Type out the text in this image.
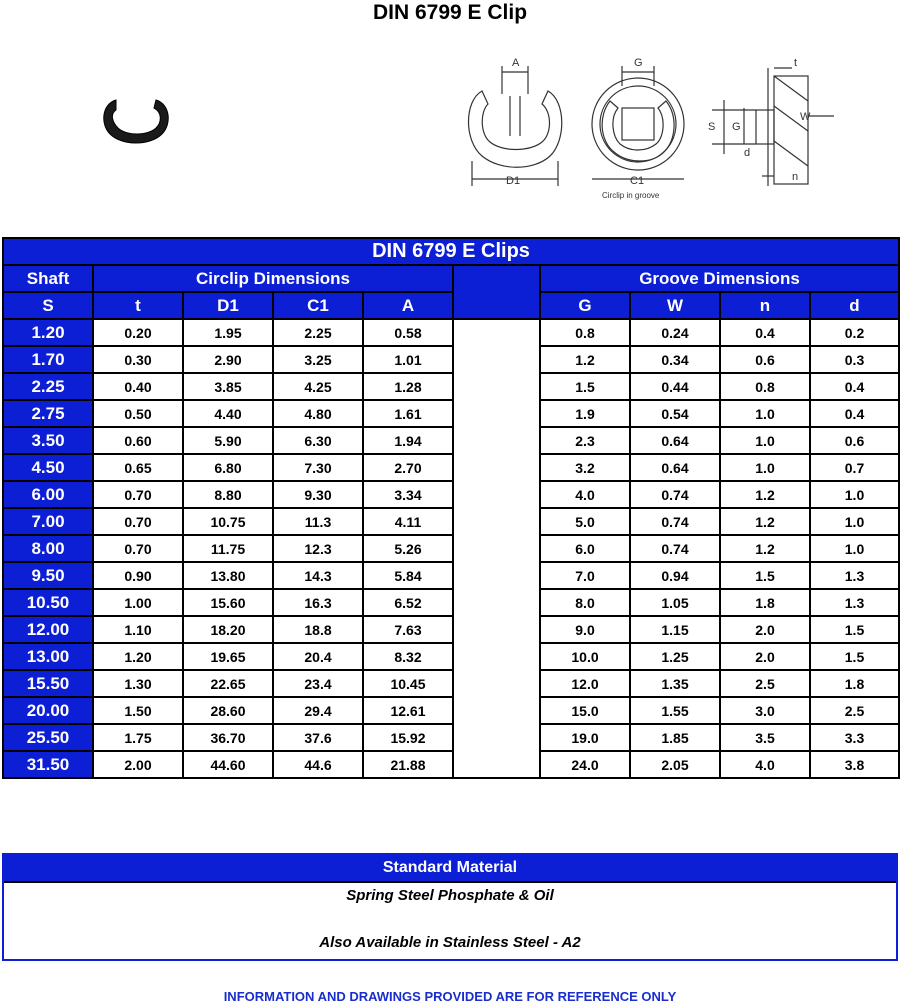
DIN 6799 E Clip
A	G	t
S G
W
d
n
D1	C1
Circlip in groove
DIN 6799 E Clips									
Shaft	Circlip Dimensions					Groove Dimensions			
S	t	D1	C1	A		G	W	n	d
1.20	0.20	1.95	2.25	0.58		0.8	0.24	0.4	0.2
1.70	0.30	2.90	3.25	1.01		1.2	0.34	0.6	0.3
2.25	0.40	3.85	4.25	1.28		1.5	0.44	0.8	0.4
2.75	0.50	4.40	4.80	1.61		1.9	0.54	1.0	0.4
3.50	0.60	5.90	6.30	1.94		2.3	0.64	1.0	0.6
4.50	0.65	6.80	7.30	2.70		3.2	0.64	1.0	0.7
6.00	0.70	8.80	9.30	3.34		4.0	0.74	1.2	1.0
7.00	0.70	10.75	11.3	4.11		5.0	0.74	1.2	1.0
8.00	0.70	11.75	12.3	5.26		6.0	0.74	1.2	1.0
9.50	0.90	13.80	14.3	5.84		7.0	0.94	1.5	1.3
10.50	1.00	15.60	16.3	6.52		8.0	1.05	1.8	1.3
12.00	1.10	18.20	18.8	7.63		9.0	1.15	2.0	1.5
13.00	1.20	19.65	20.4	8.32		10.0	1.25	2.0	1.5
15.50	1.30	22.65	23.4	10.45		12.0	1.35	2.5	1.8
20.00	1.50	28.60	29.4	12.61		15.0	1.55	3.0	2.5
25.50	1.75	36.70	37.6	15.92		19.0	1.85	3.5	3.3
31.50	2.00	44.60	44.6	21.88		24.0	2.05	4.0	3.8
Standard Material
Spring Steel Phosphate & Oil
Also Available in Stainless Steel - A2
INFORMATION AND DRAWINGS PROVIDED ARE FOR REFERENCE ONLY
